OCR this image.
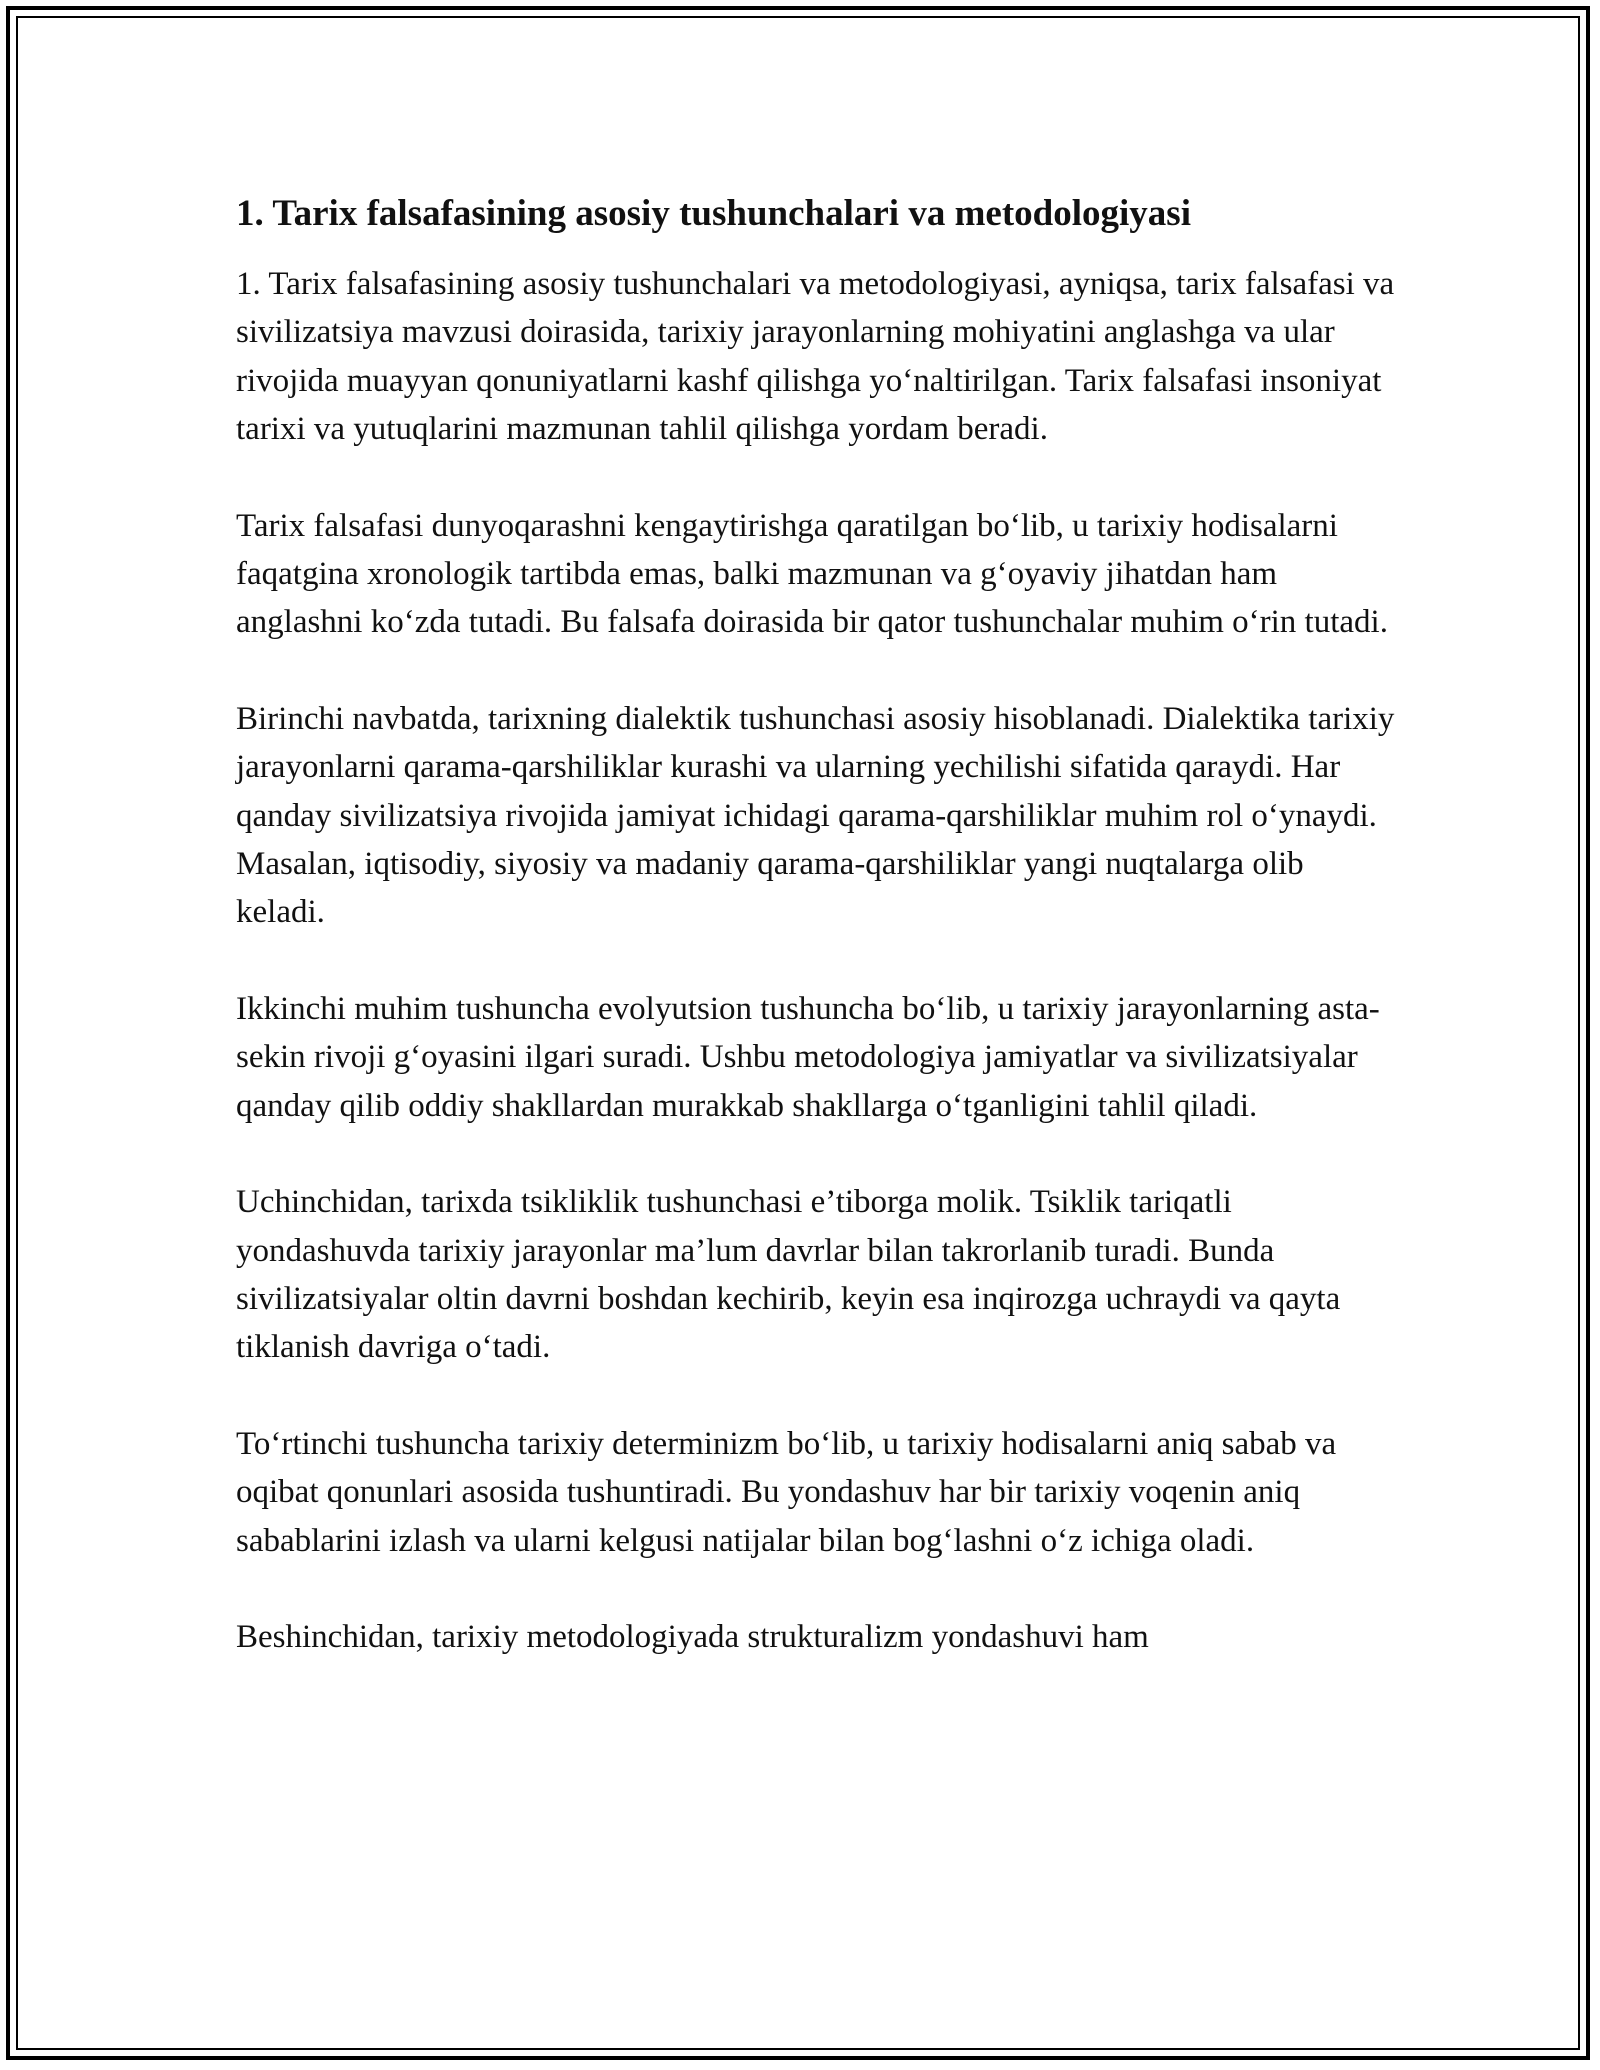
1. Tarix falsafasining asosiy tushunchalari va metodologiyasi

1. Tarix falsafasining asosiy tushunchalari va metodologiyasi, ayniqsa, tarix falsafasi va sivilizatsiya mavzusi doirasida, tarixiy jarayonlarning mohiyatini anglashga va ular rivojida muayyan qonuniyatlarni kashf qilishga yoʻnaltirilgan. Tarix falsafasi insoniyat tarixi va yutuqlarini mazmunan tahlil qilishga yordam beradi.

Tarix falsafasi dunyoqarashni kengaytirishga qaratilgan boʻlib, u tarixiy hodisalarni faqatgina xronologik tartibda emas, balki mazmunan va gʻoyaviy jihatdan ham anglashni koʻzda tutadi. Bu falsafa doirasida bir qator tushunchalar muhim oʻrin tutadi.

Birinchi navbatda, tarixning dialektik tushunchasi asosiy hisoblanadi. Dialektika tarixiy jarayonlarni qarama-qarshiliklar kurashi va ularning yechilishi sifatida qaraydi. Har qanday sivilizatsiya rivojida jamiyat ichidagi qarama-qarshiliklar muhim rol oʻynaydi. Masalan, iqtisodiy, siyosiy va madaniy qarama-qarshiliklar yangi nuqtalarga olib keladi.

Ikkinchi muhim tushuncha evolyutsion tushuncha boʻlib, u tarixiy jarayonlarning asta-sekin rivoji gʻoyasini ilgari suradi. Ushbu metodologiya jamiyatlar va sivilizatsiyalar qanday qilib oddiy shakllardan murakkab shakllarga oʻtganligini tahlil qiladi.

Uchinchidan, tarixda tsikliklik tushunchasi e’tiborga molik. Tsiklik tariqatli yondashuvda tarixiy jarayonlar ma’lum davrlar bilan takrorlanib turadi. Bunda sivilizatsiyalar oltin davrni boshdan kechirib, keyin esa inqirozga uchraydi va qayta tiklanish davriga oʻtadi.

Toʻrtinchi tushuncha tarixiy determinizm boʻlib, u tarixiy hodisalarni aniq sabab va oqibat qonunlari asosida tushuntiradi. Bu yondashuv har bir tarixiy voqenin aniq sabablarini izlash va ularni kelgusi natijalar bilan bogʻlashni oʻz ichiga oladi.

Beshinchidan, tarixiy metodologiyada strukturalizm yondashuvi ham
